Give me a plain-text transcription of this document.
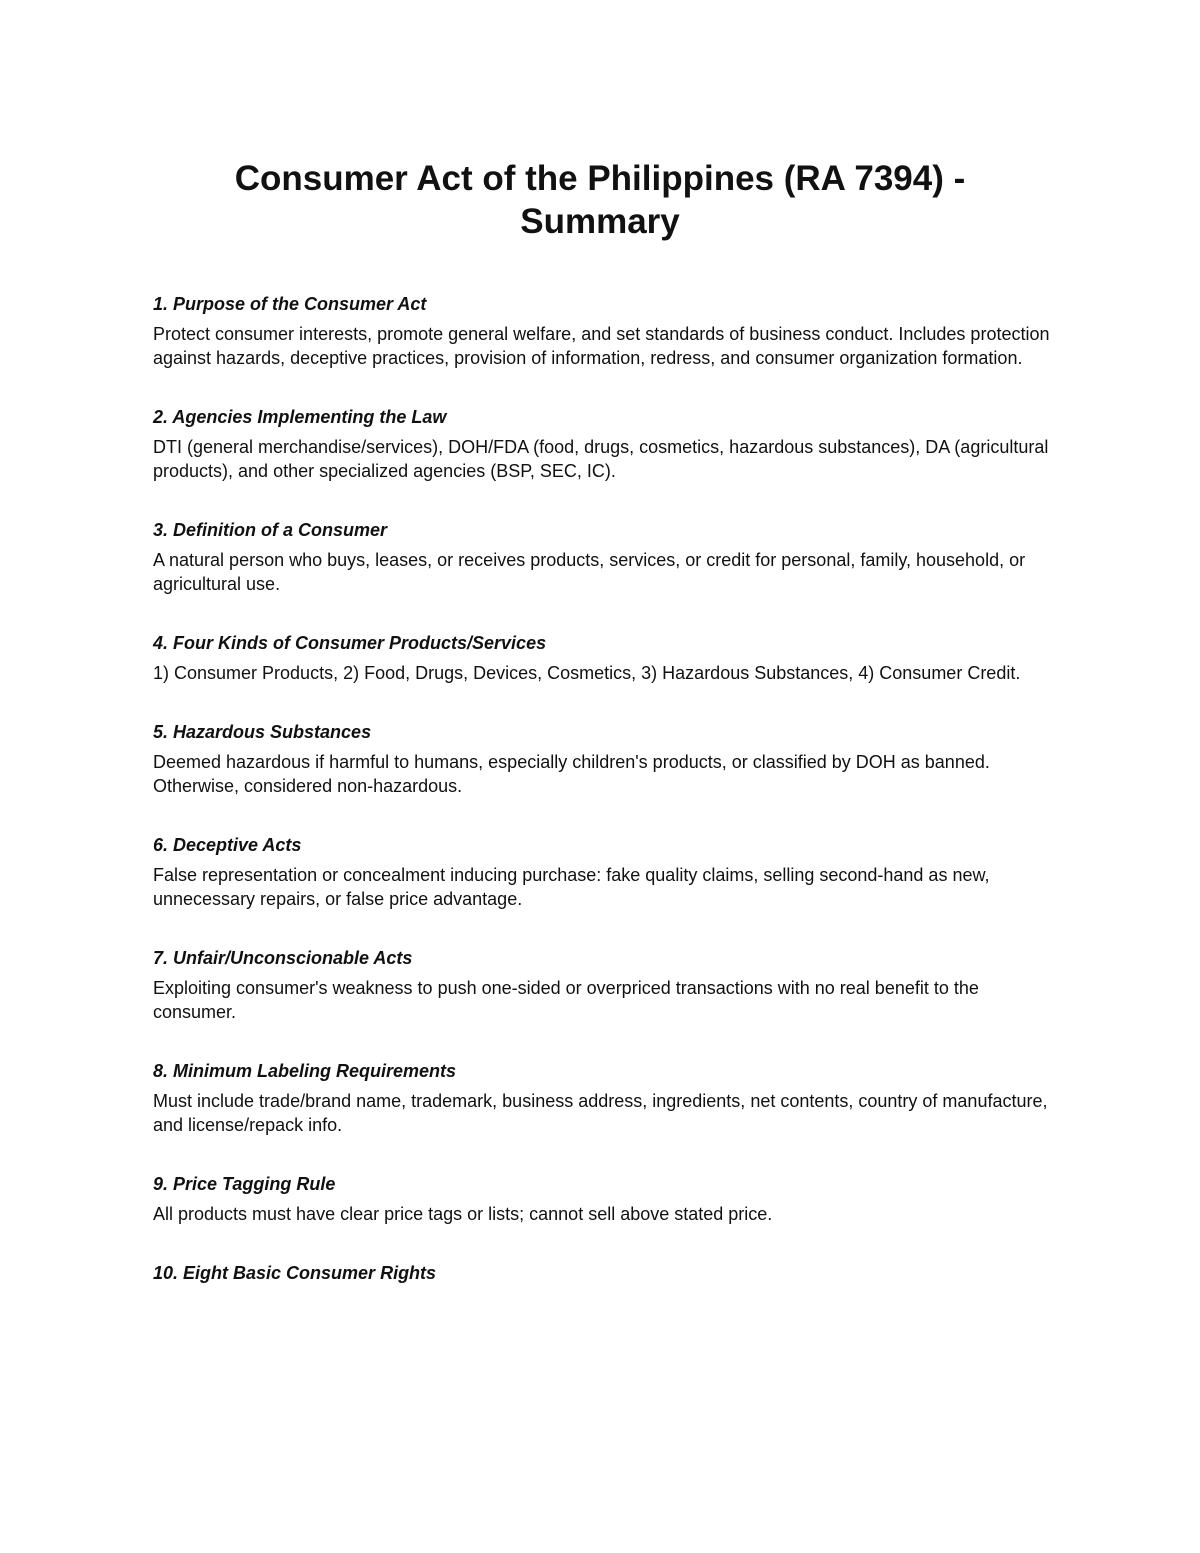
Consumer Act of the Philippines (RA 7394) -
Summary

1. Purpose of the Consumer Act

Protect consumer interests, promote general welfare, and set standards of business conduct. Includes protection against hazards, deceptive practices, provision of information, redress, and consumer organization formation.

2. Agencies Implementing the Law

DTI (general merchandise/services), DOH/FDA (food, drugs, cosmetics, hazardous substances), DA (agricultural products), and other specialized agencies (BSP, SEC, IC).

3. Definition of a Consumer

A natural person who buys, leases, or receives products, services, or credit for personal, family, household, or agricultural use.

4. Four Kinds of Consumer Products/Services

1) Consumer Products, 2) Food, Drugs, Devices, Cosmetics, 3) Hazardous Substances, 4) Consumer Credit.

5. Hazardous Substances

Deemed hazardous if harmful to humans, especially children's products, or classified by DOH as banned. Otherwise, considered non-hazardous.

6. Deceptive Acts

False representation or concealment inducing purchase: fake quality claims, selling second-hand as new, unnecessary repairs, or false price advantage.

7. Unfair/Unconscionable Acts

Exploiting consumer's weakness to push one-sided or overpriced transactions with no real benefit to the consumer.

8. Minimum Labeling Requirements

Must include trade/brand name, trademark, business address, ingredients, net contents, country of manufacture, and license/repack info.

9. Price Tagging Rule

All products must have clear price tags or lists; cannot sell above stated price.

10. Eight Basic Consumer Rights
